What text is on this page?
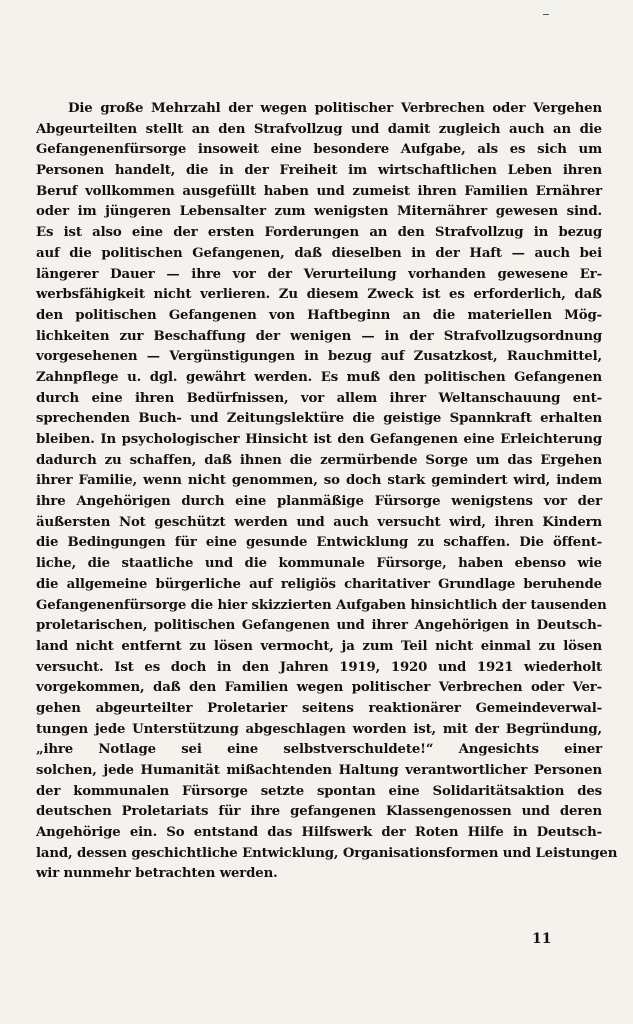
Die große Mehrzahl der wegen politischer Verbrechen oder Vergehen
Abgeurteilten stellt an den Strafvollzug und damit zugleich auch an die
Gefangenenfürsorge insoweit eine besondere Aufgabe, als es sich um
Personen handelt, die in der Freiheit im wirtschaftlichen Leben ihren
Beruf vollkommen ausgefüllt haben und zumeist ihren Familien Ernährer
oder im jüngeren Lebensalter zum wenigsten Miternährer gewesen sind.
Es ist also eine der ersten Forderungen an den Strafvollzug in bezug
auf die politischen Gefangenen, daß dieselben in der Haft — auch bei
längerer Dauer — ihre vor der Verurteilung vorhanden gewesene Er-
werbsfähigkeit nicht verlieren. Zu diesem Zweck ist es erforderlich, daß
den politischen Gefangenen von Haftbeginn an die materiellen Mög-
lichkeiten zur Beschaffung der wenigen — in der Strafvollzugsordnung
vorgesehenen — Vergünstigungen in bezug auf Zusatzkost, Rauchmittel,
Zahnpflege u. dgl. gewährt werden. Es muß den politischen Gefangenen
durch eine ihren Bedürfnissen, vor allem ihrer Weltanschauung ent-
sprechenden Buch- und Zeitungslektüre die geistige Spannkraft erhalten
bleiben. In psychologischer Hinsicht ist den Gefangenen eine Erleichterung
dadurch zu schaffen, daß ihnen die zermürbende Sorge um das Ergehen
ihrer Familie, wenn nicht genommen, so doch stark gemindert wird, indem
ihre Angehörigen durch eine planmäßige Fürsorge wenigstens vor der
äußersten Not geschützt werden und auch versucht wird, ihren Kindern
die Bedingungen für eine gesunde Entwicklung zu schaffen. Die öffent-
liche, die staatliche und die kommunale Fürsorge, haben ebenso wie
die allgemeine bürgerliche auf religiös charitativer Grundlage beruhende
Gefangenenfürsorge die hier skizzierten Aufgaben hinsichtlich der tausenden
proletarischen, politischen Gefangenen und ihrer Angehörigen in Deutsch-
land nicht entfernt zu lösen vermocht, ja zum Teil nicht einmal zu lösen
versucht. Ist es doch in den Jahren 1919, 1920 und 1921 wiederholt
vorgekommen, daß den Familien wegen politischer Verbrechen oder Ver-
gehen abgeurteilter Proletarier seitens reaktionärer Gemeindeverwal-
tungen jede Unterstützung abgeschlagen worden ist, mit der Begründung,
„ihre Notlage sei eine selbstverschuldete!“ Angesichts einer
solchen, jede Humanität mißachtenden Haltung verantwortlicher Personen
der kommunalen Fürsorge setzte spontan eine Solidaritätsaktion des
deutschen Proletariats für ihre gefangenen Klassengenossen und deren
Angehörige ein. So entstand das Hilfswerk der Roten Hilfe in Deutsch-
land, dessen geschichtliche Entwicklung, Organisationsformen und Leistungen
wir nunmehr betrachten werden.
11
